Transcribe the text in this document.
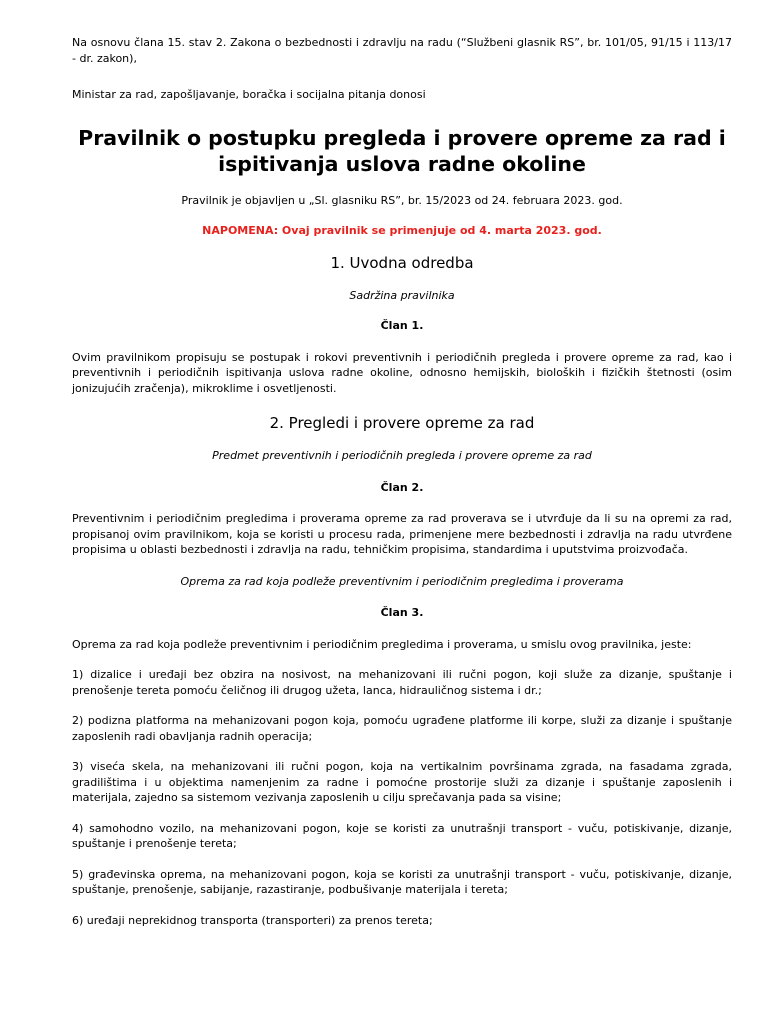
Na osnovu člana 15. stav 2. Zakona o bezbednosti i zdravlju na radu (“Službeni glasnik RS”, br. 101/05, 91/15 i 113/17 - dr. zakon),

Ministar za rad, zapošljavanje, boračka i socijalna pitanja donosi

Pravilnik o postupku pregleda i provere opreme za rad i ispitivanja uslova radne okoline

Pravilnik je objavljen u „Sl. glasniku RS”, br. 15/2023 od 24. februara 2023. god.

NAPOMENA: Ovaj pravilnik se primenjuje od 4. marta 2023. god.

1. Uvodna odredba

Sadržina pravilnika

Član 1.

Ovim pravilnikom propisuju se postupak i rokovi preventivnih i periodičnih pregleda i provere opreme za rad, kao i preventivnih i periodičnih ispitivanja uslova radne okoline, odnosno hemijskih, bioloških i fizičkih štetnosti (osim jonizujućih zračenja), mikroklime i osvetljenosti.

2. Pregledi i provere opreme za rad

Predmet preventivnih i periodičnih pregleda i provere opreme za rad

Član 2.

Preventivnim i periodičnim pregledima i proverama opreme za rad proverava se i utvrđuje da li su na opremi za rad, propisanoj ovim pravilnikom, koja se koristi u procesu rada, primenjene mere bezbednosti i zdravlja na radu utvrđene propisima u oblasti bezbednosti i zdravlja na radu, tehničkim propisima, standardima i uputstvima proizvođača.

Oprema za rad koja podleže preventivnim i periodičnim pregledima i proverama

Član 3.

Oprema za rad koja podleže preventivnim i periodičnim pregledima i proverama, u smislu ovog pravilnika, jeste:

1) dizalice i uređaji bez obzira na nosivost, na mehanizovani ili ručni pogon, koji služe za dizanje, spuštanje i prenošenje tereta pomoću čeličnog ili drugog užeta, lanca, hidrauličnog sistema i dr.;

2) podizna platforma na mehanizovani pogon koja, pomoću ugrađene platforme ili korpe, služi za dizanje i spuštanje zaposlenih radi obavljanja radnih operacija;

3) viseća skela, na mehanizovani ili ručni pogon, koja na vertikalnim površinama zgrada, na fasadama zgrada, gradilištima i u objektima namenjenim za radne i pomoćne prostorije služi za dizanje i spuštanje zaposlenih i materijala, zajedno sa sistemom vezivanja zaposlenih u cilju sprečavanja pada sa visine;

4) samohodno vozilo, na mehanizovani pogon, koje se koristi za unutrašnji transport - vuču, potiskivanje, dizanje, spuštanje i prenošenje tereta;

5) građevinska oprema, na mehanizovani pogon, koja se koristi za unutrašnji transport - vuču, potiskivanje, dizanje, spuštanje, prenošenje, sabijanje, razastiranje, podbušivanje materijala i tereta;

6) uređaji neprekidnog transporta (transporteri) za prenos tereta;
